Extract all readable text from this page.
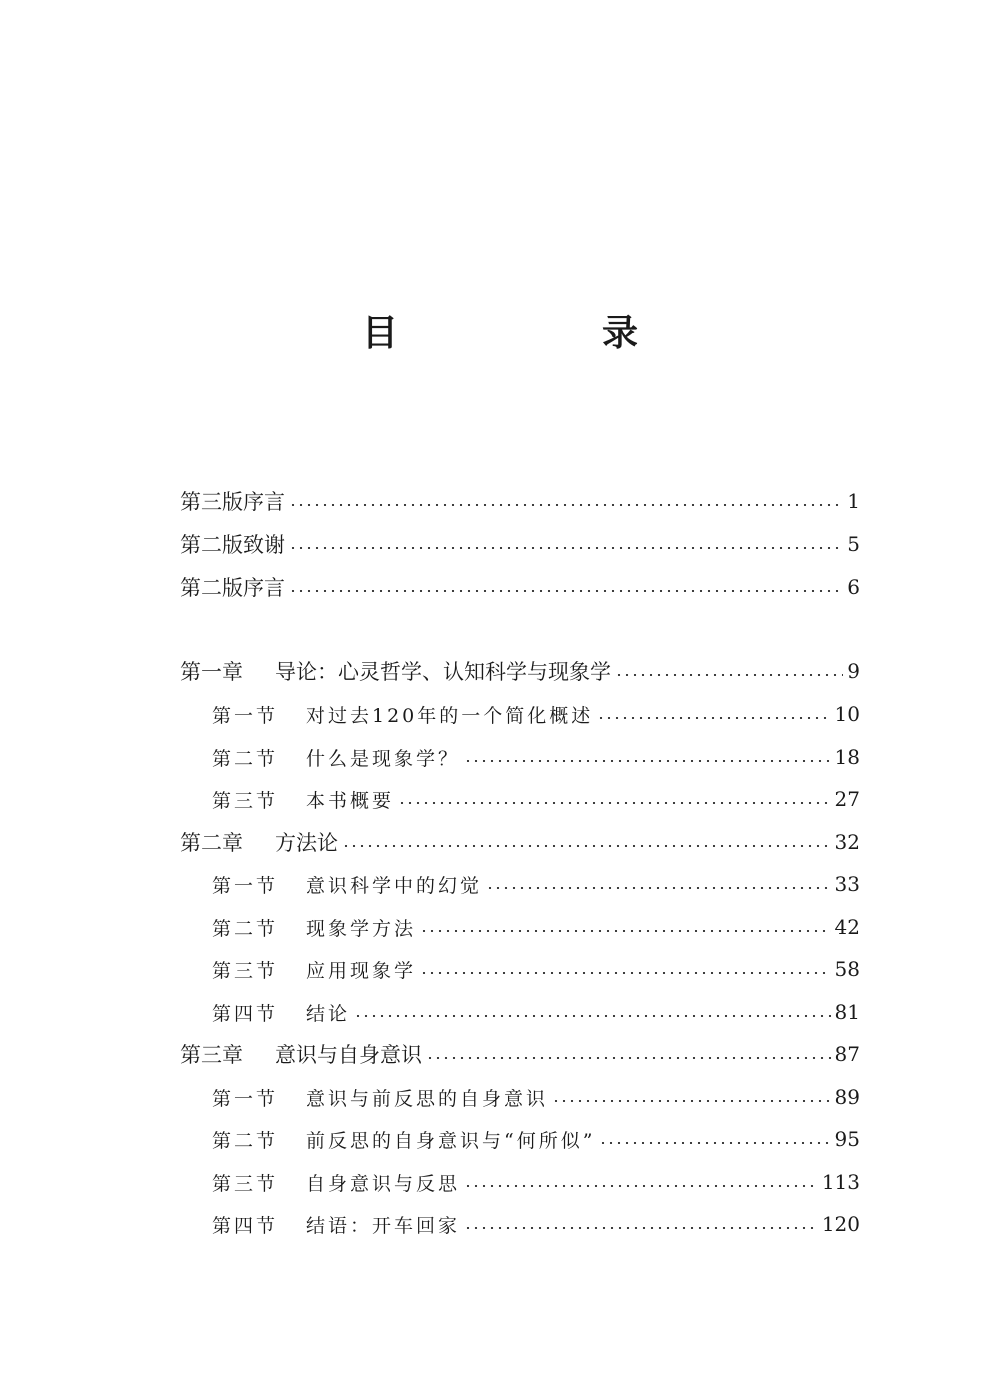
目　录
第三版序言	1
第二版致谢	5
第二版序言	6
第一章 导论：心灵哲学、认知科学与现象学	9
第一节 对过去120年的一个简化概述	10
第二节 什么是现象学？	18
第三节 本书概要	27
第二章 方法论	32
第一节 意识科学中的幻觉	33
第二节 现象学方法	42
第三节 应用现象学	58
第四节 结论	81
第三章 意识与自身意识	87
第一节 意识与前反思的自身意识	89
第二节 前反思的自身意识与“何所似”	95
第三节 自身意识与反思	113
第四节 结语：开车回家	120
